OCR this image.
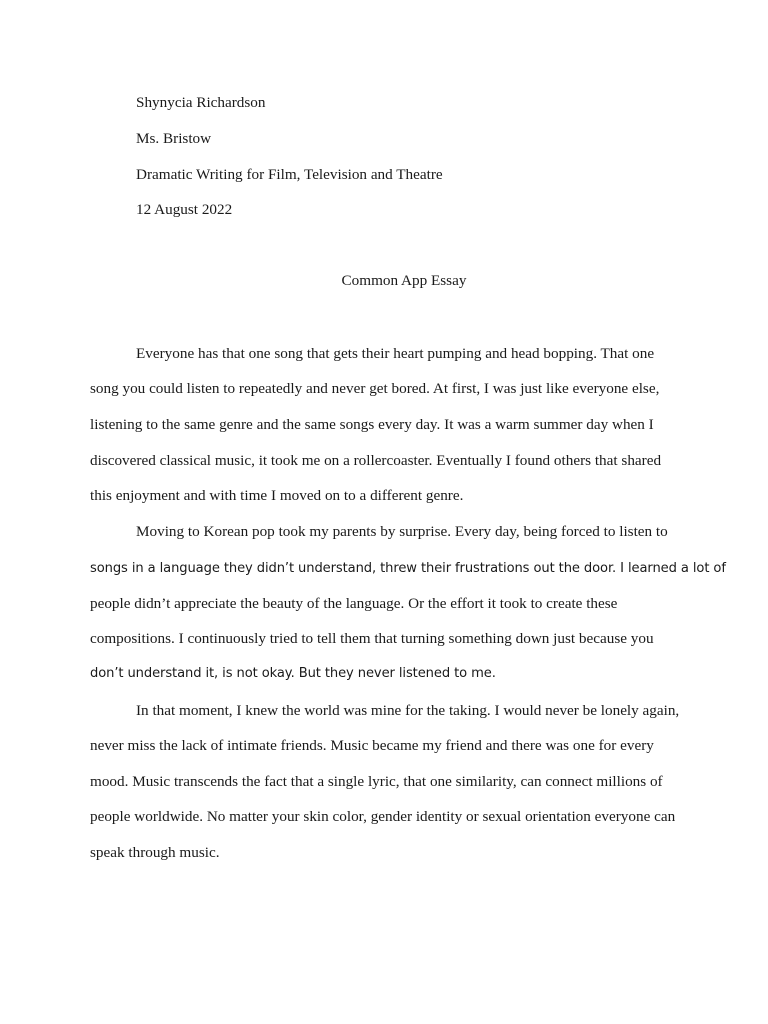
Shynycia Richardson
Ms. Bristow
Dramatic Writing for Film, Television and Theatre
12 August 2022
Common App Essay
Everyone has that one song that gets their heart pumping and head bopping. That one
song you could listen to repeatedly and never get bored. At first, I was just like everyone else,
listening to the same genre and the same songs every day. It was a warm summer day when I
discovered classical music, it took me on a rollercoaster. Eventually I found others that shared
this enjoyment and with time I moved on to a different genre.
Moving to Korean pop took my parents by surprise. Every day, being forced to listen to
songs in a language they didn’t understand, threw their frustrations out the door. I learned a lot of
people didn’t appreciate the beauty of the language. Or the effort it took to create these
compositions. I continuously tried to tell them that turning something down just because you
don’t understand it, is not okay. But they never listened to me.
In that moment, I knew the world was mine for the taking. I would never be lonely again,
never miss the lack of intimate friends. Music became my friend and there was one for every
mood. Music transcends the fact that a single lyric, that one similarity, can connect millions of
people worldwide. No matter your skin color, gender identity or sexual orientation everyone can
speak through music.
